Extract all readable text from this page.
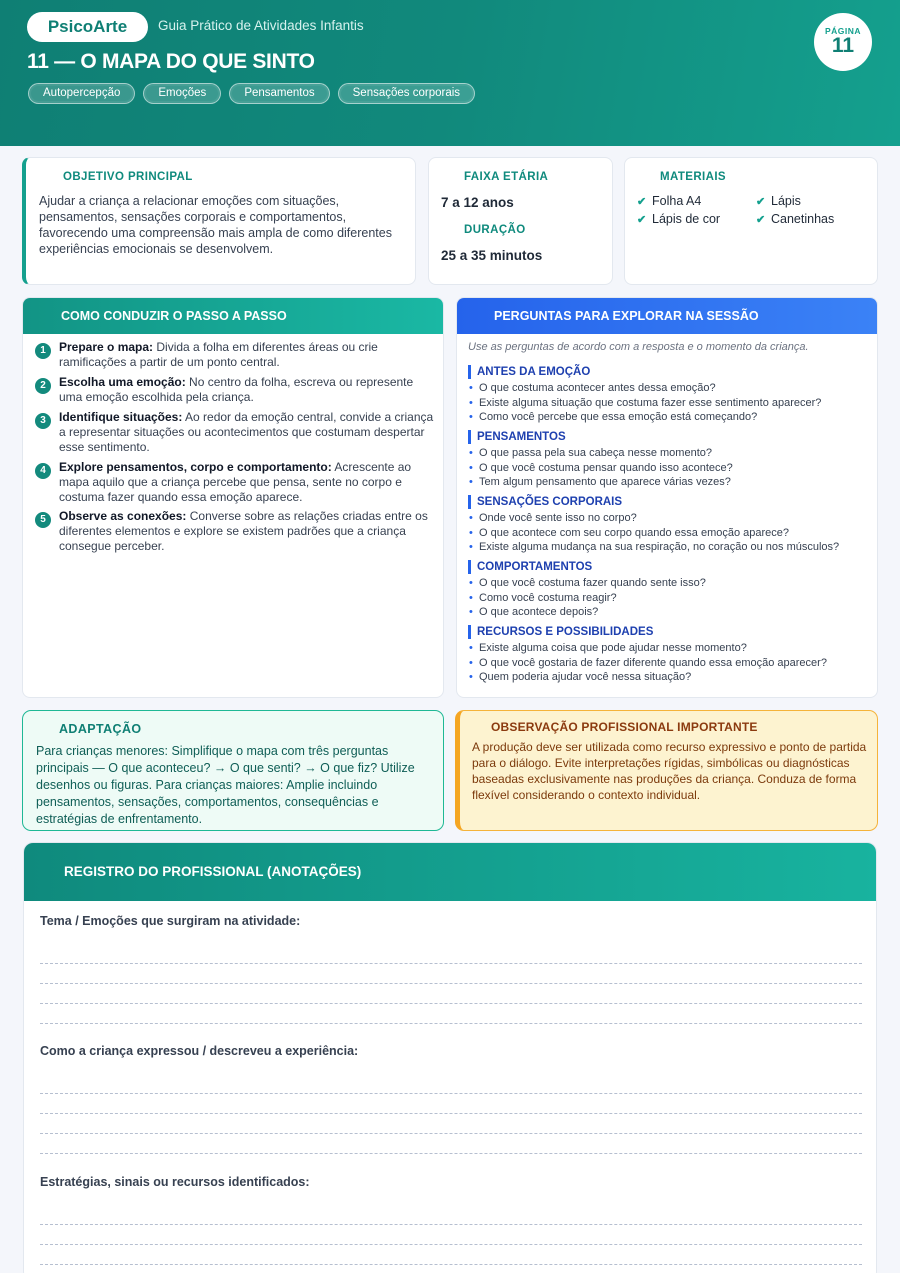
PsicoArte	Guia Prático de Atividades Infantis
11 — O MAPA DO QUE SINTO
Autopercepção	Emoções	Pensamentos	Sensações corporais
PÁGINA
11
OBJETIVO PRINCIPAL
Ajudar a criança a relacionar emoções com situações, pensamentos, sensações corporais e comportamentos, favorecendo uma compreensão mais ampla de como diferentes experiências emocionais se desenvolvem.
FAIXA ETÁRIA
7 a 12 anos
DURAÇÃO
25 a 35 minutos
MATERIAIS
✔ Folha A4	✔ Lápis
✔ Lápis de cor	✔ Canetinhas
COMO CONDUZIR O PASSO A PASSO
1	Prepare o mapa: Divida a folha em diferentes áreas ou crie ramificações a partir de um ponto central.
2	Escolha uma emoção: No centro da folha, escreva ou represente uma emoção escolhida pela criança.
3	Identifique situações: Ao redor da emoção central, convide a criança a representar situações ou acontecimentos que costumam despertar esse sentimento.
4	Explore pensamentos, corpo e comportamento: Acrescente ao mapa aquilo que a criança percebe que pensa, sente no corpo e costuma fazer quando essa emoção aparece.
5	Observe as conexões: Converse sobre as relações criadas entre os diferentes elementos e explore se existem padrões que a criança consegue perceber.
PERGUNTAS PARA EXPLORAR NA SESSÃO
Use as perguntas de acordo com a resposta e o momento da criança.
ANTES DA EMOÇÃO
• O que costuma acontecer antes dessa emoção?
• Existe alguma situação que costuma fazer esse sentimento aparecer?
• Como você percebe que essa emoção está começando?
PENSAMENTOS
• O que passa pela sua cabeça nesse momento?
• O que você costuma pensar quando isso acontece?
• Tem algum pensamento que aparece várias vezes?
SENSAÇÕES CORPORAIS
• Onde você sente isso no corpo?
• O que acontece com seu corpo quando essa emoção aparece?
• Existe alguma mudança na sua respiração, no coração ou nos músculos?
COMPORTAMENTOS
• O que você costuma fazer quando sente isso?
• Como você costuma reagir?
• O que acontece depois?
RECURSOS E POSSIBILIDADES
• Existe alguma coisa que pode ajudar nesse momento?
• O que você gostaria de fazer diferente quando essa emoção aparecer?
• Quem poderia ajudar você nessa situação?
ADAPTAÇÃO
Para crianças menores: Simplifique o mapa com três perguntas principais — O que aconteceu? → O que senti? → O que fiz? Utilize desenhos ou figuras. Para crianças maiores: Amplie incluindo pensamentos, sensações, comportamentos, consequências e estratégias de enfrentamento.
OBSERVAÇÃO PROFISSIONAL IMPORTANTE
A produção deve ser utilizada como recurso expressivo e ponto de partida para o diálogo. Evite interpretações rígidas, simbólicas ou diagnósticas baseadas exclusivamente nas produções da criança. Conduza de forma flexível considerando o contexto individual.
REGISTRO DO PROFISSIONAL (ANOTAÇÕES)
Tema / Emoções que surgiram na atividade:
Como a criança expressou / descreveu a experiência:
Estratégias, sinais ou recursos identificados:
